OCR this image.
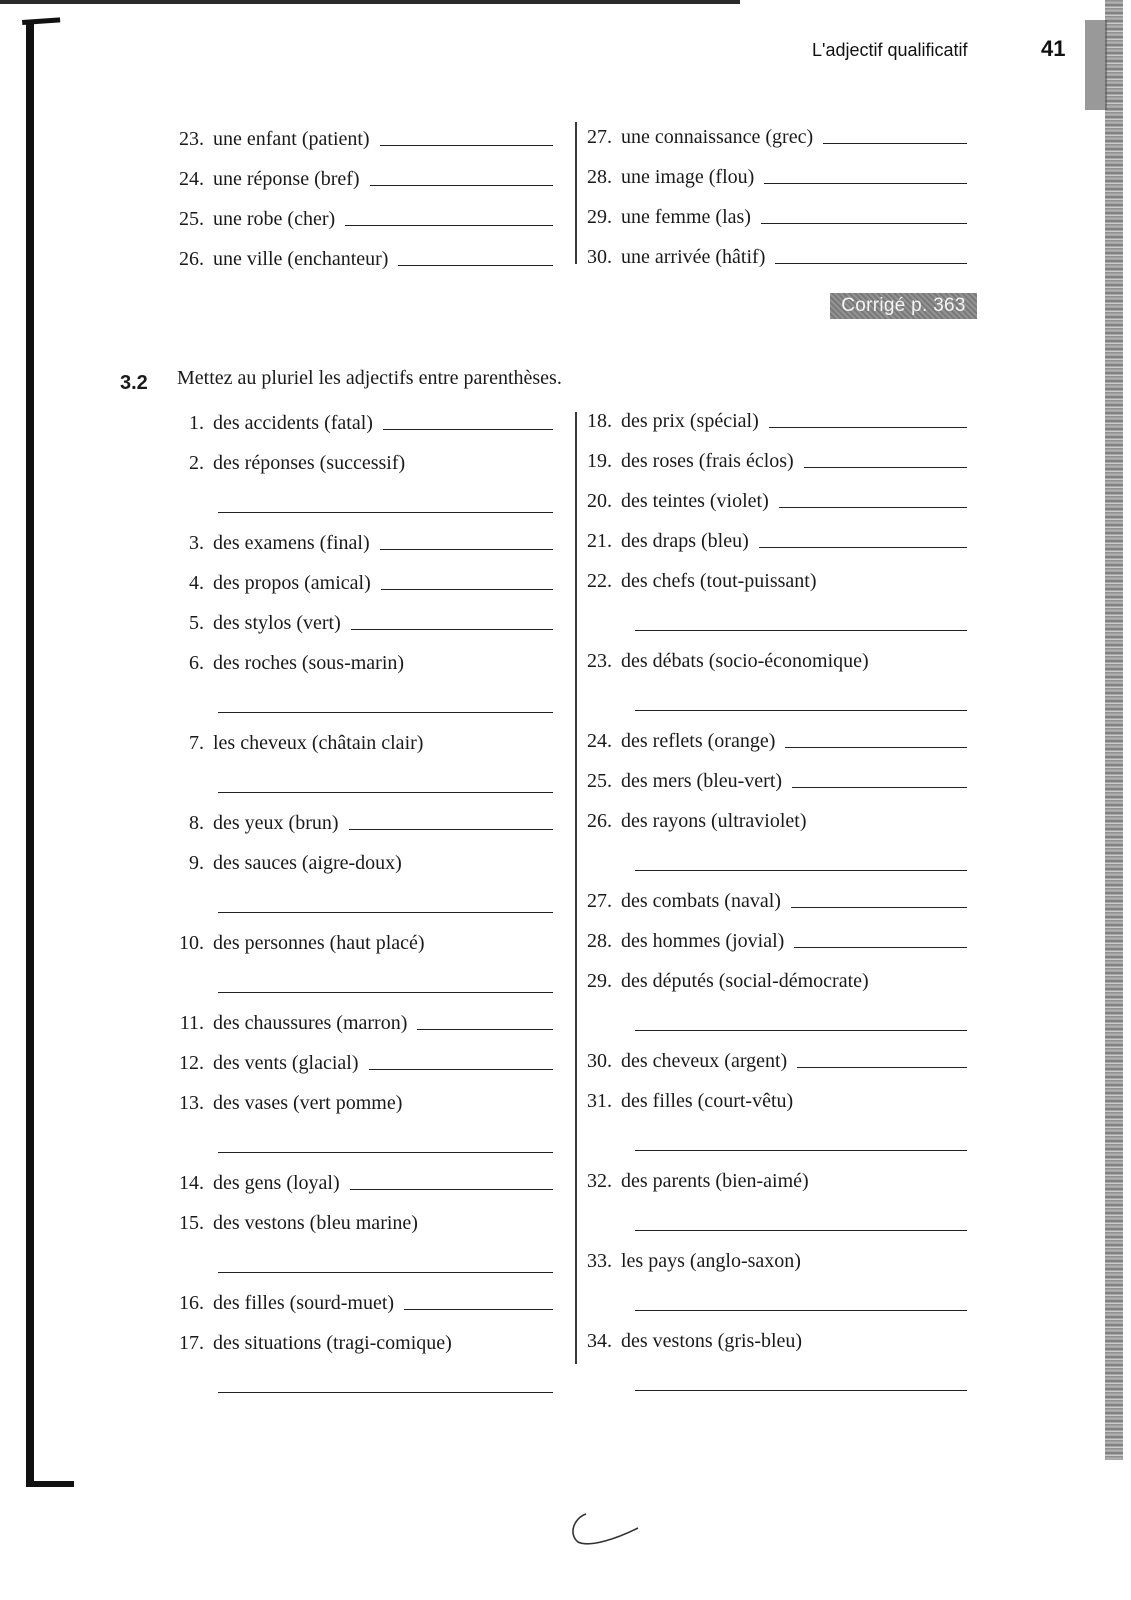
L'adjectif qualificatif	41
23. une enfant (patient)
24. une réponse (bref)
25. une robe (cher)
26. une ville (enchanteur)
27. une connaissance (grec)
28. une image (flou)
29. une femme (las)
30. une arrivée (hâtif)
Corrigé p. 363
3.2 Mettez au pluriel les adjectifs entre parenthèses.
1. des accidents (fatal)
2. des réponses (successif)
3. des examens (final)
4. des propos (amical)
5. des stylos (vert)
6. des roches (sous-marin)
7. les cheveux (châtain clair)
8. des yeux (brun)
9. des sauces (aigre-doux)
10. des personnes (haut placé)
11. des chaussures (marron)
12. des vents (glacial)
13. des vases (vert pomme)
14. des gens (loyal)
15. des vestons (bleu marine)
16. des filles (sourd-muet)
17. des situations (tragi-comique)
18. des prix (spécial)
19. des roses (frais éclos)
20. des teintes (violet)
21. des draps (bleu)
22. des chefs (tout-puissant)
23. des débats (socio-économique)
24. des reflets (orange)
25. des mers (bleu-vert)
26. des rayons (ultraviolet)
27. des combats (naval)
28. des hommes (jovial)
29. des députés (social-démocrate)
30. des cheveux (argent)
31. des filles (court-vêtu)
32. des parents (bien-aimé)
33. les pays (anglo-saxon)
34. des vestons (gris-bleu)
